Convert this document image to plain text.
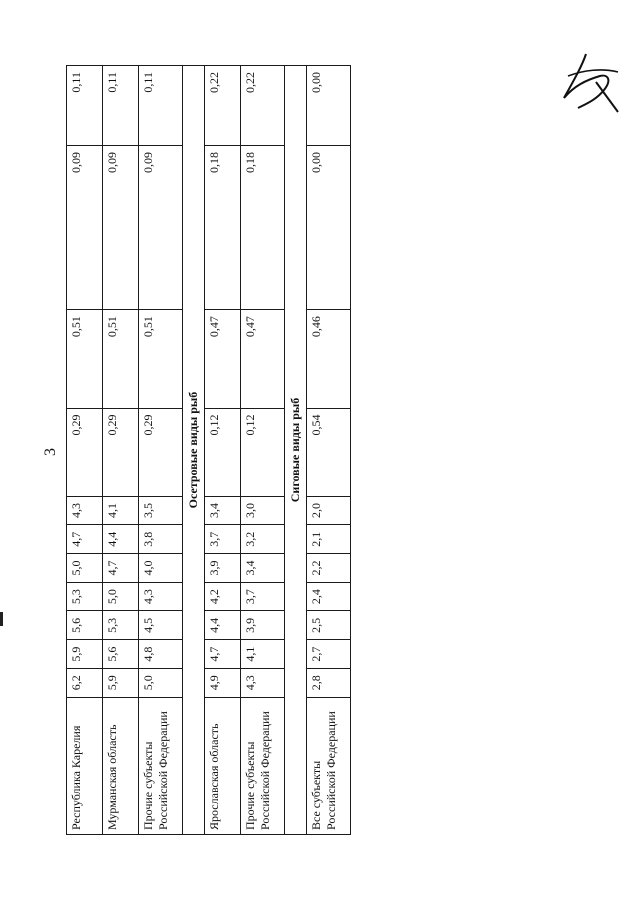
3
Республика Карелия	6,2	5,9	5,6	5,3	5,0	4,7	4,3	0,29	0,51	0,09	0,11
Мурманская область	5,9	5,6	5,3	5,0	4,7	4,4	4,1	0,29	0,51	0,09	0,11
Прочие субъекты Российской Федерации	5,0	4,8	4,5	4,3	4,0	3,8	3,5	0,29	0,51	0,09	0,11
Осетровые виды рыб											
Ярославская область	4,9	4,7	4,4	4,2	3,9	3,7	3,4	0,12	0,47	0,18	0,22
Прочие субъекты Российской Федерации	4,3	4,1	3,9	3,7	3,4	3,2	3,0	0,12	0,47	0,18	0,22
Сиговые виды рыб											
Все субъекты Российской Федерации	2,8	2,7	2,5	2,4	2,2	2,1	2,0	0,54	0,46	0,00	0,00
